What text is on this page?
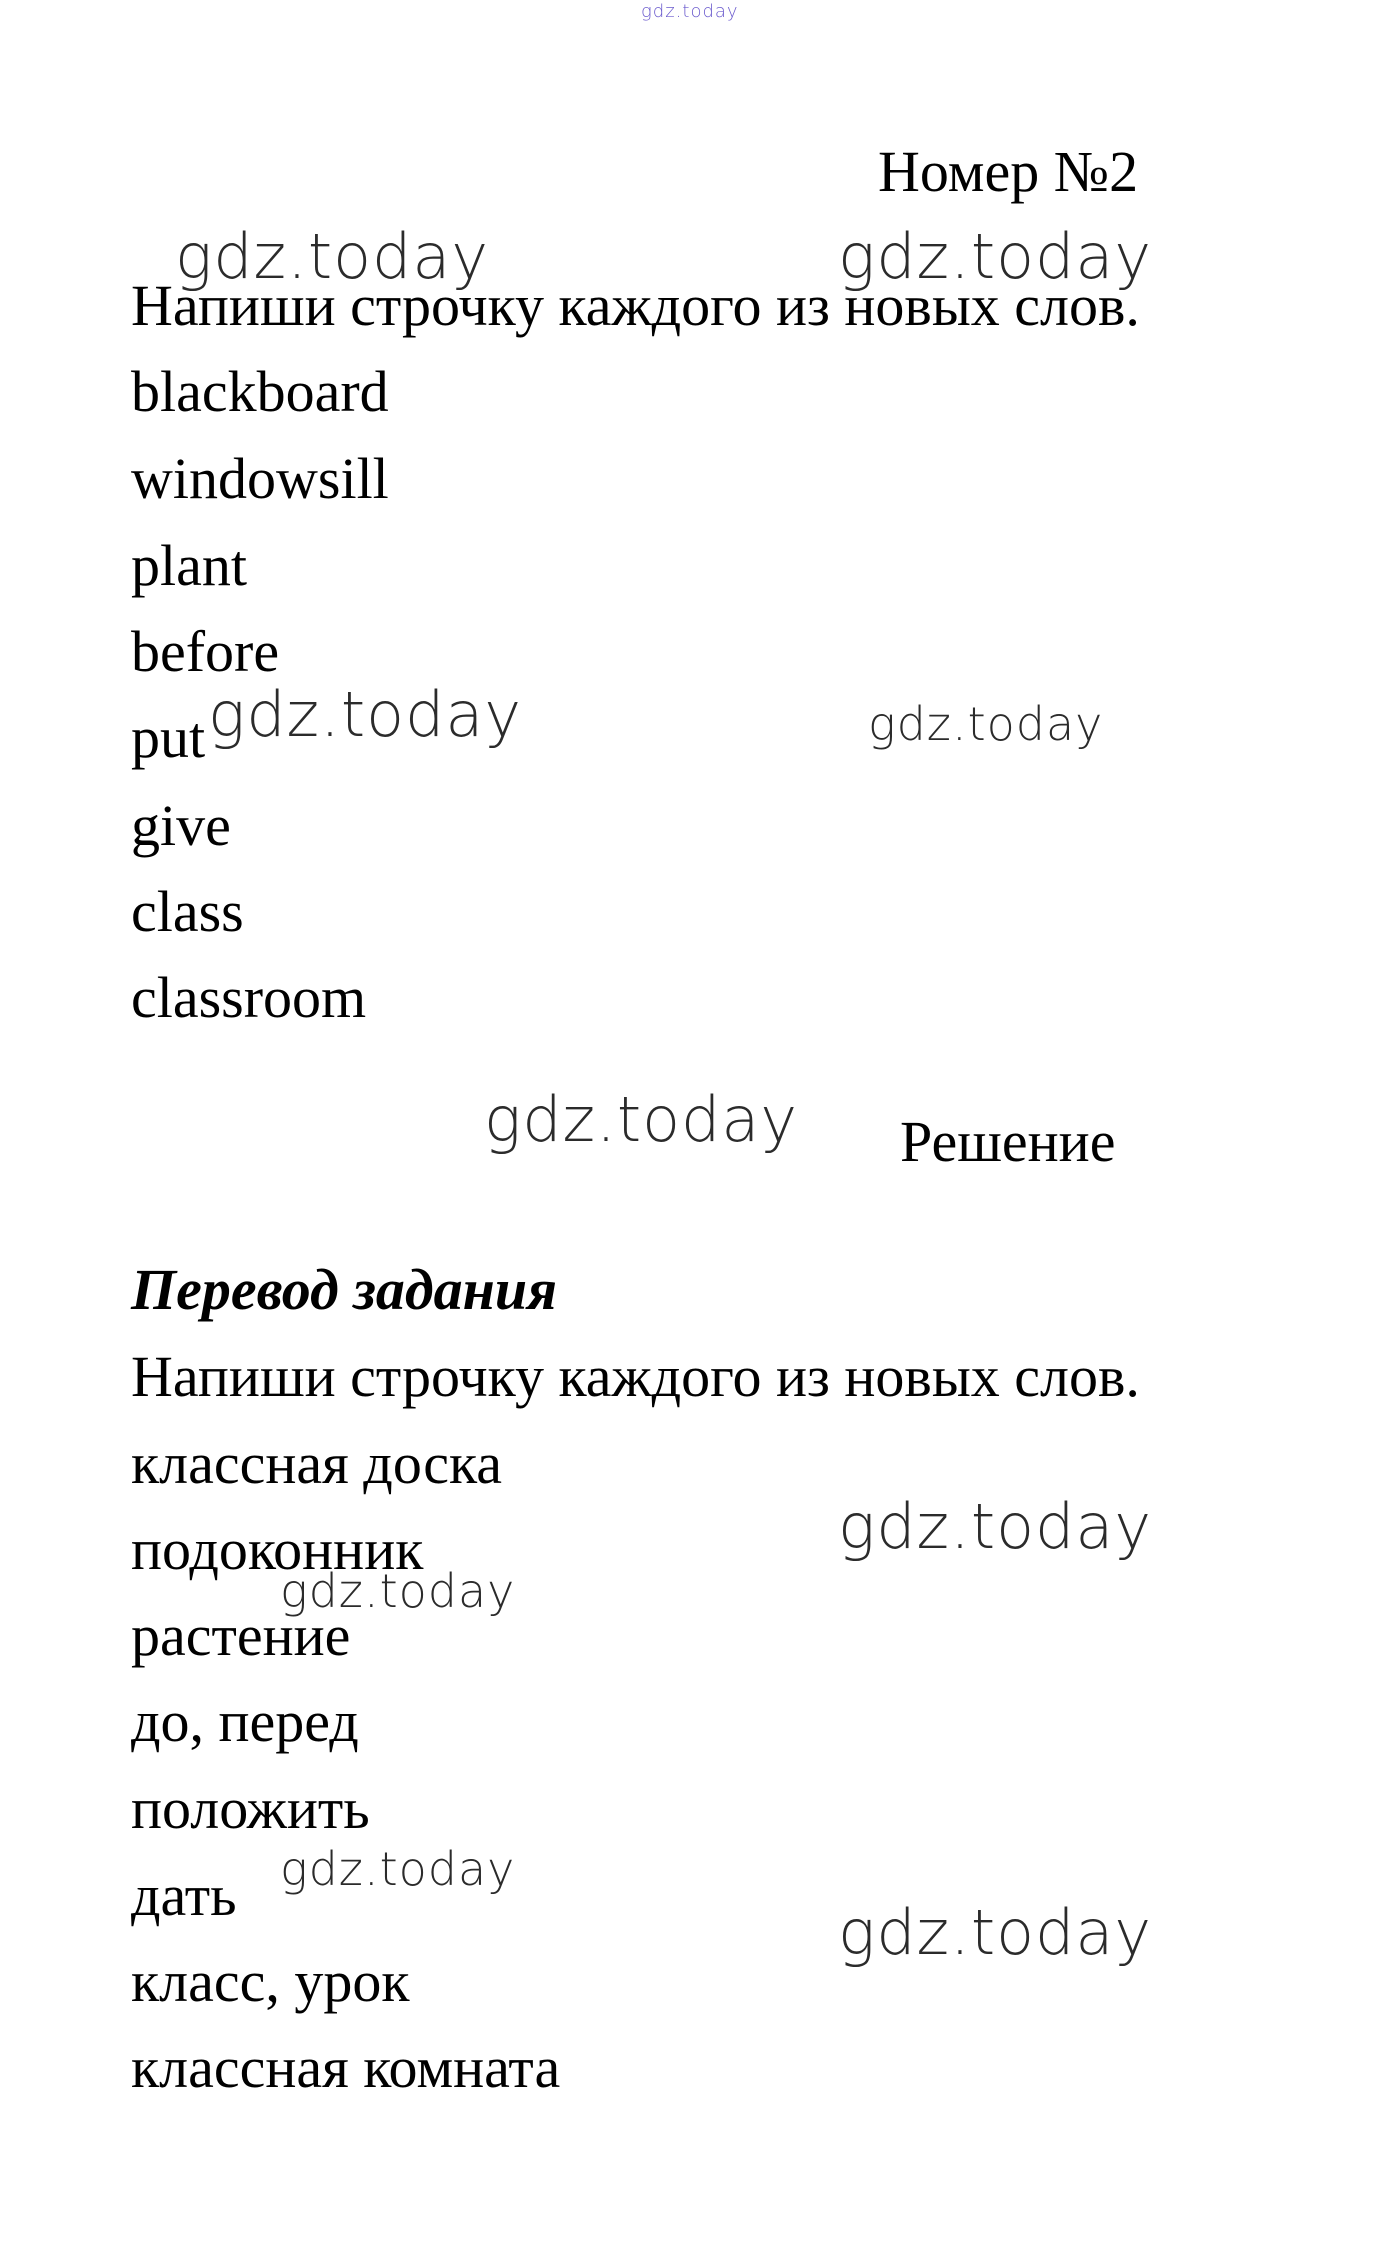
gdz.today
Номер №2
Напиши строчку каждого из новых слов.
blackboard
windowsill
plant
before
put
give
class
classroom
Решение
Перевод задания
Напиши строчку каждого из новых слов.
классная доска
подоконник
растение
до, перед
положить
дать
класс, урок
классная комната
gdz.today	gdz.today
gdz.today	gdz.today
gdz.today
gdz.today
gdz.today
gdz.today
gdz.today
